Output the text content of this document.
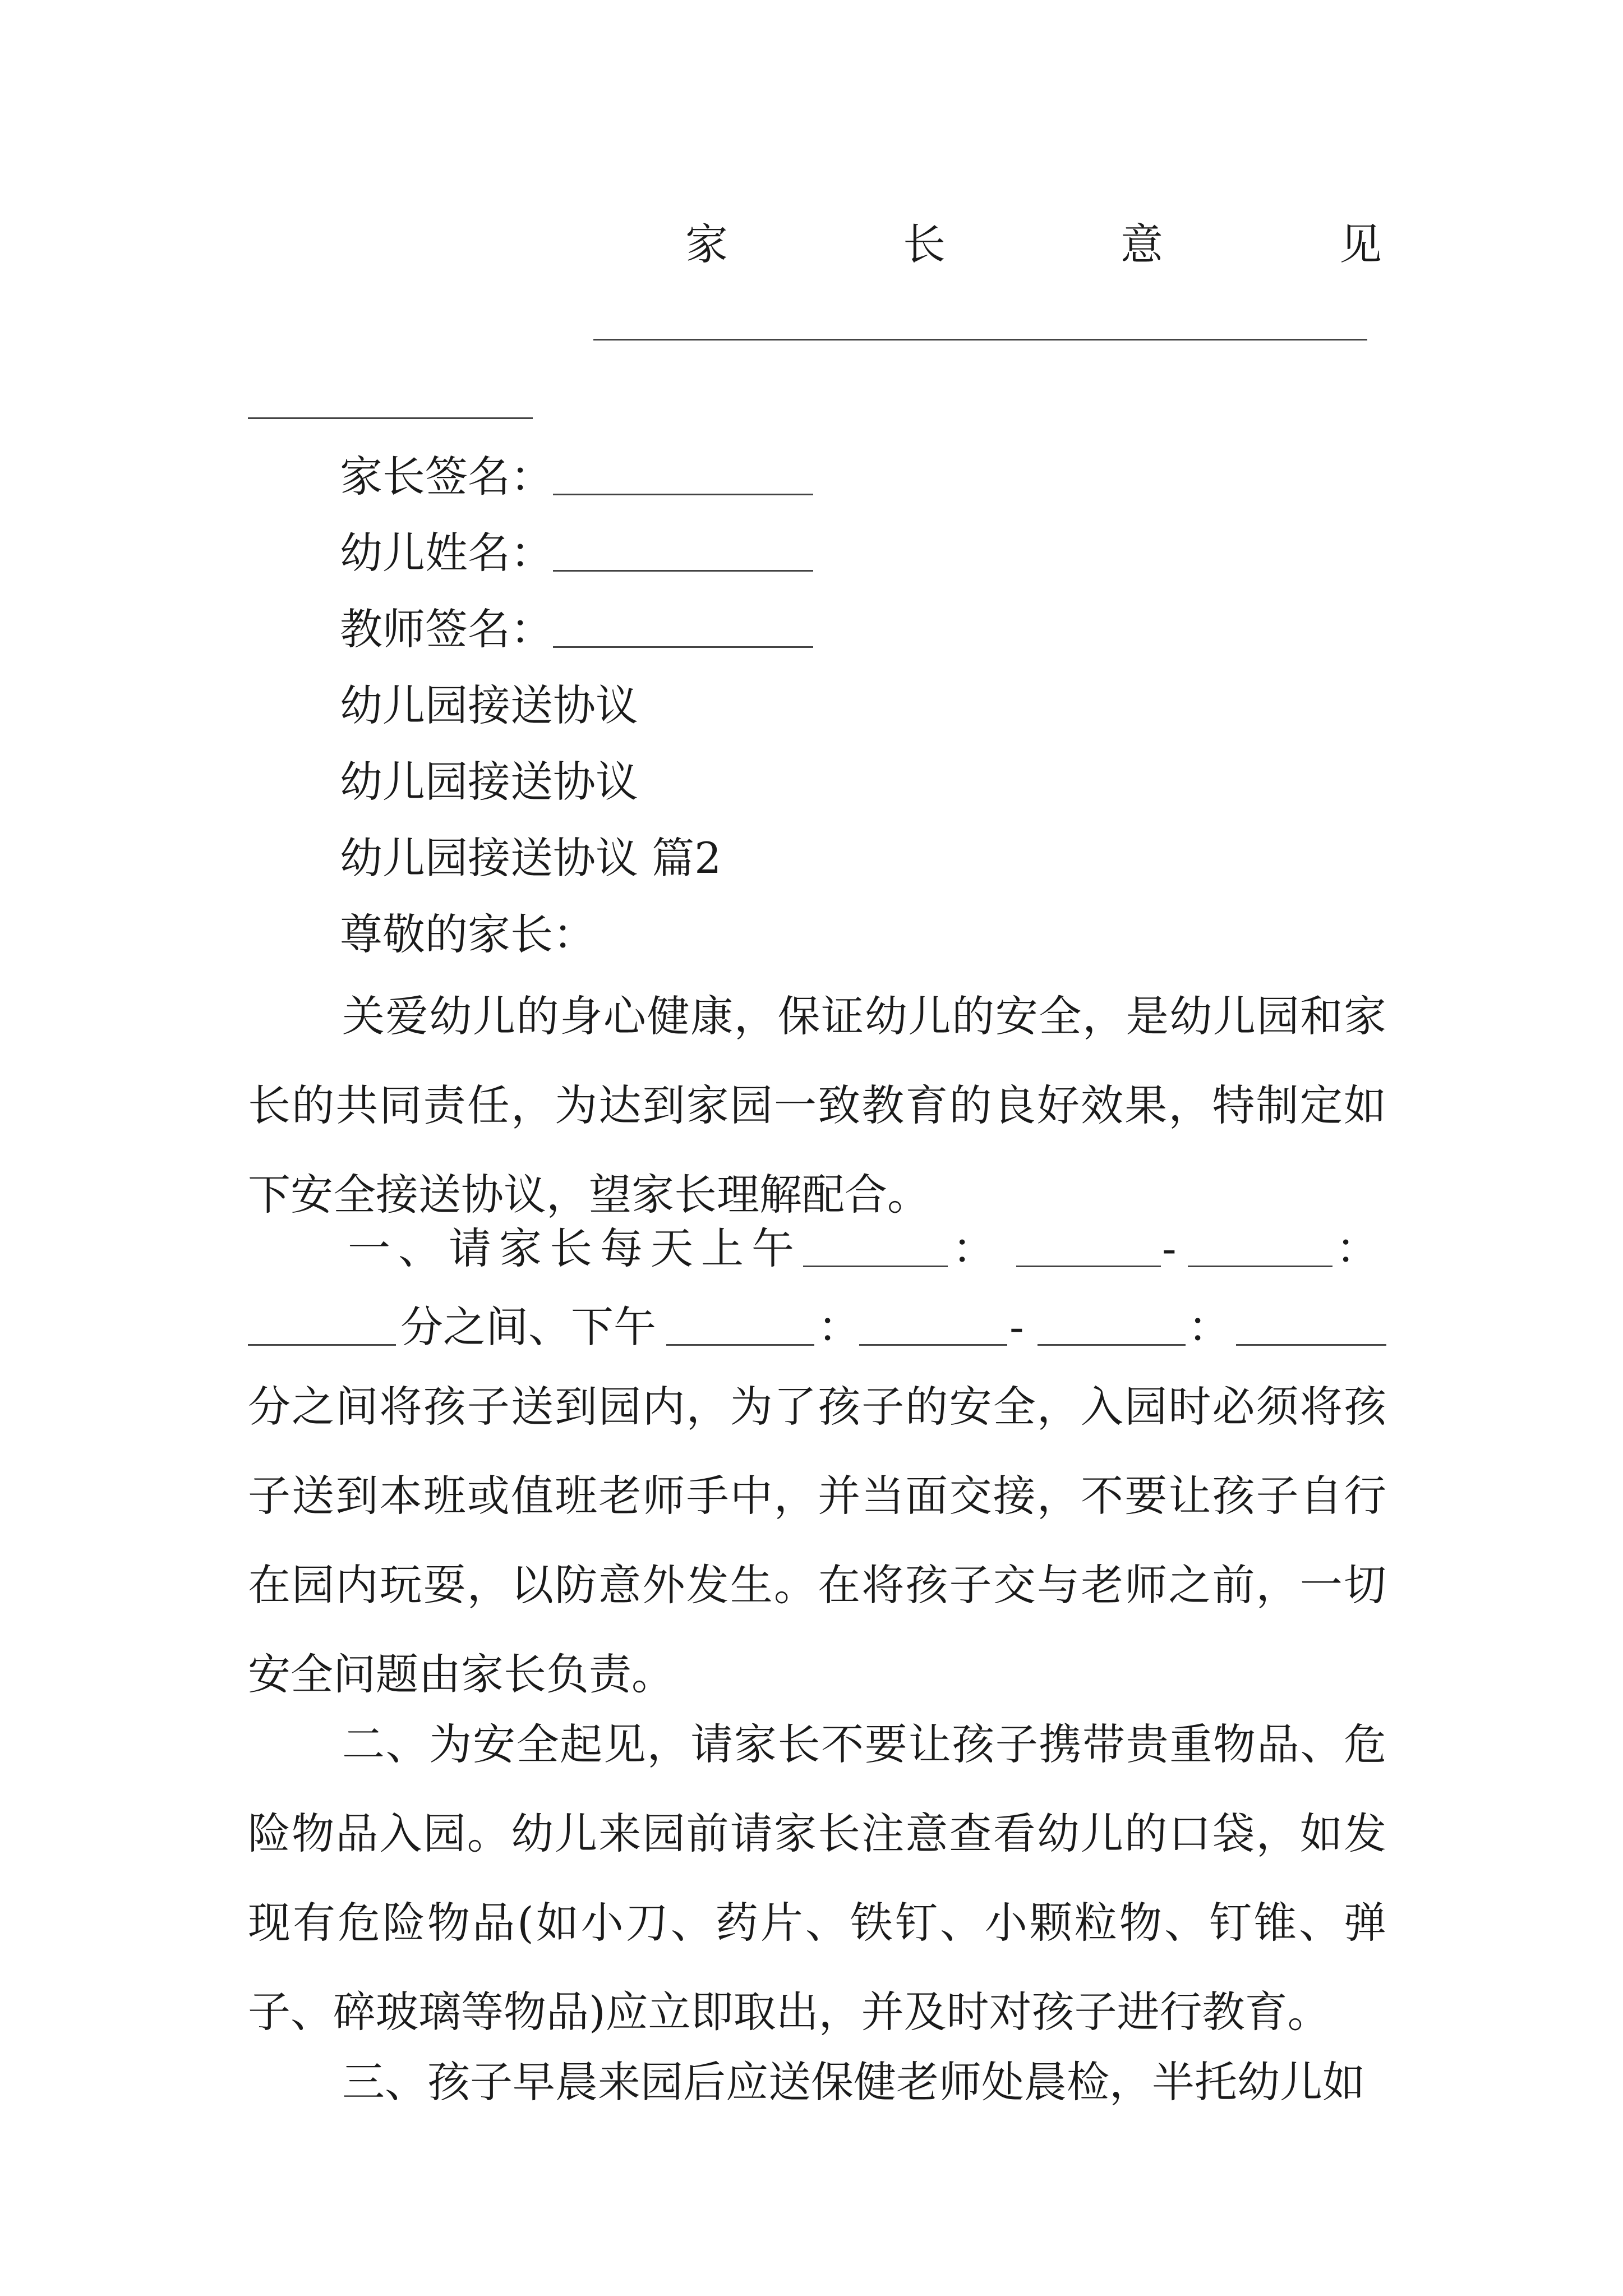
家	长	意	见
家长签名：
幼儿姓名：
教师签名：
幼儿园接送协议
幼儿园接送协议
幼儿园接送协议 篇2
尊敬的家长：
关爱幼儿的身心健康，保证幼儿的安全，是幼儿园和家长的共同责任，为达到家园一致教育的良好效果，特制定如下安全接送协议，望家长理解配合。
一、请家长每天上午	：	-	：
分之间、下午	：	-	：
分之间将孩子送到园内，为了孩子的安全，入园时必须将孩子送到本班或值班老师手中，并当面交接，不要让孩子自行在园内玩耍，以防意外发生。在将孩子交与老师之前，一切安全问题由家长负责。
二、为安全起见，请家长不要让孩子携带贵重物品、危险物品入园。幼儿来园前请家长注意查看幼儿的口袋，如发现有危险物品(如小刀、药片、铁钉、小颗粒物、钉锥、弹子、碎玻璃等物品)应立即取出，并及时对孩子进行教育。
三、孩子早晨来园后应送保健老师处晨检，半托幼儿如
